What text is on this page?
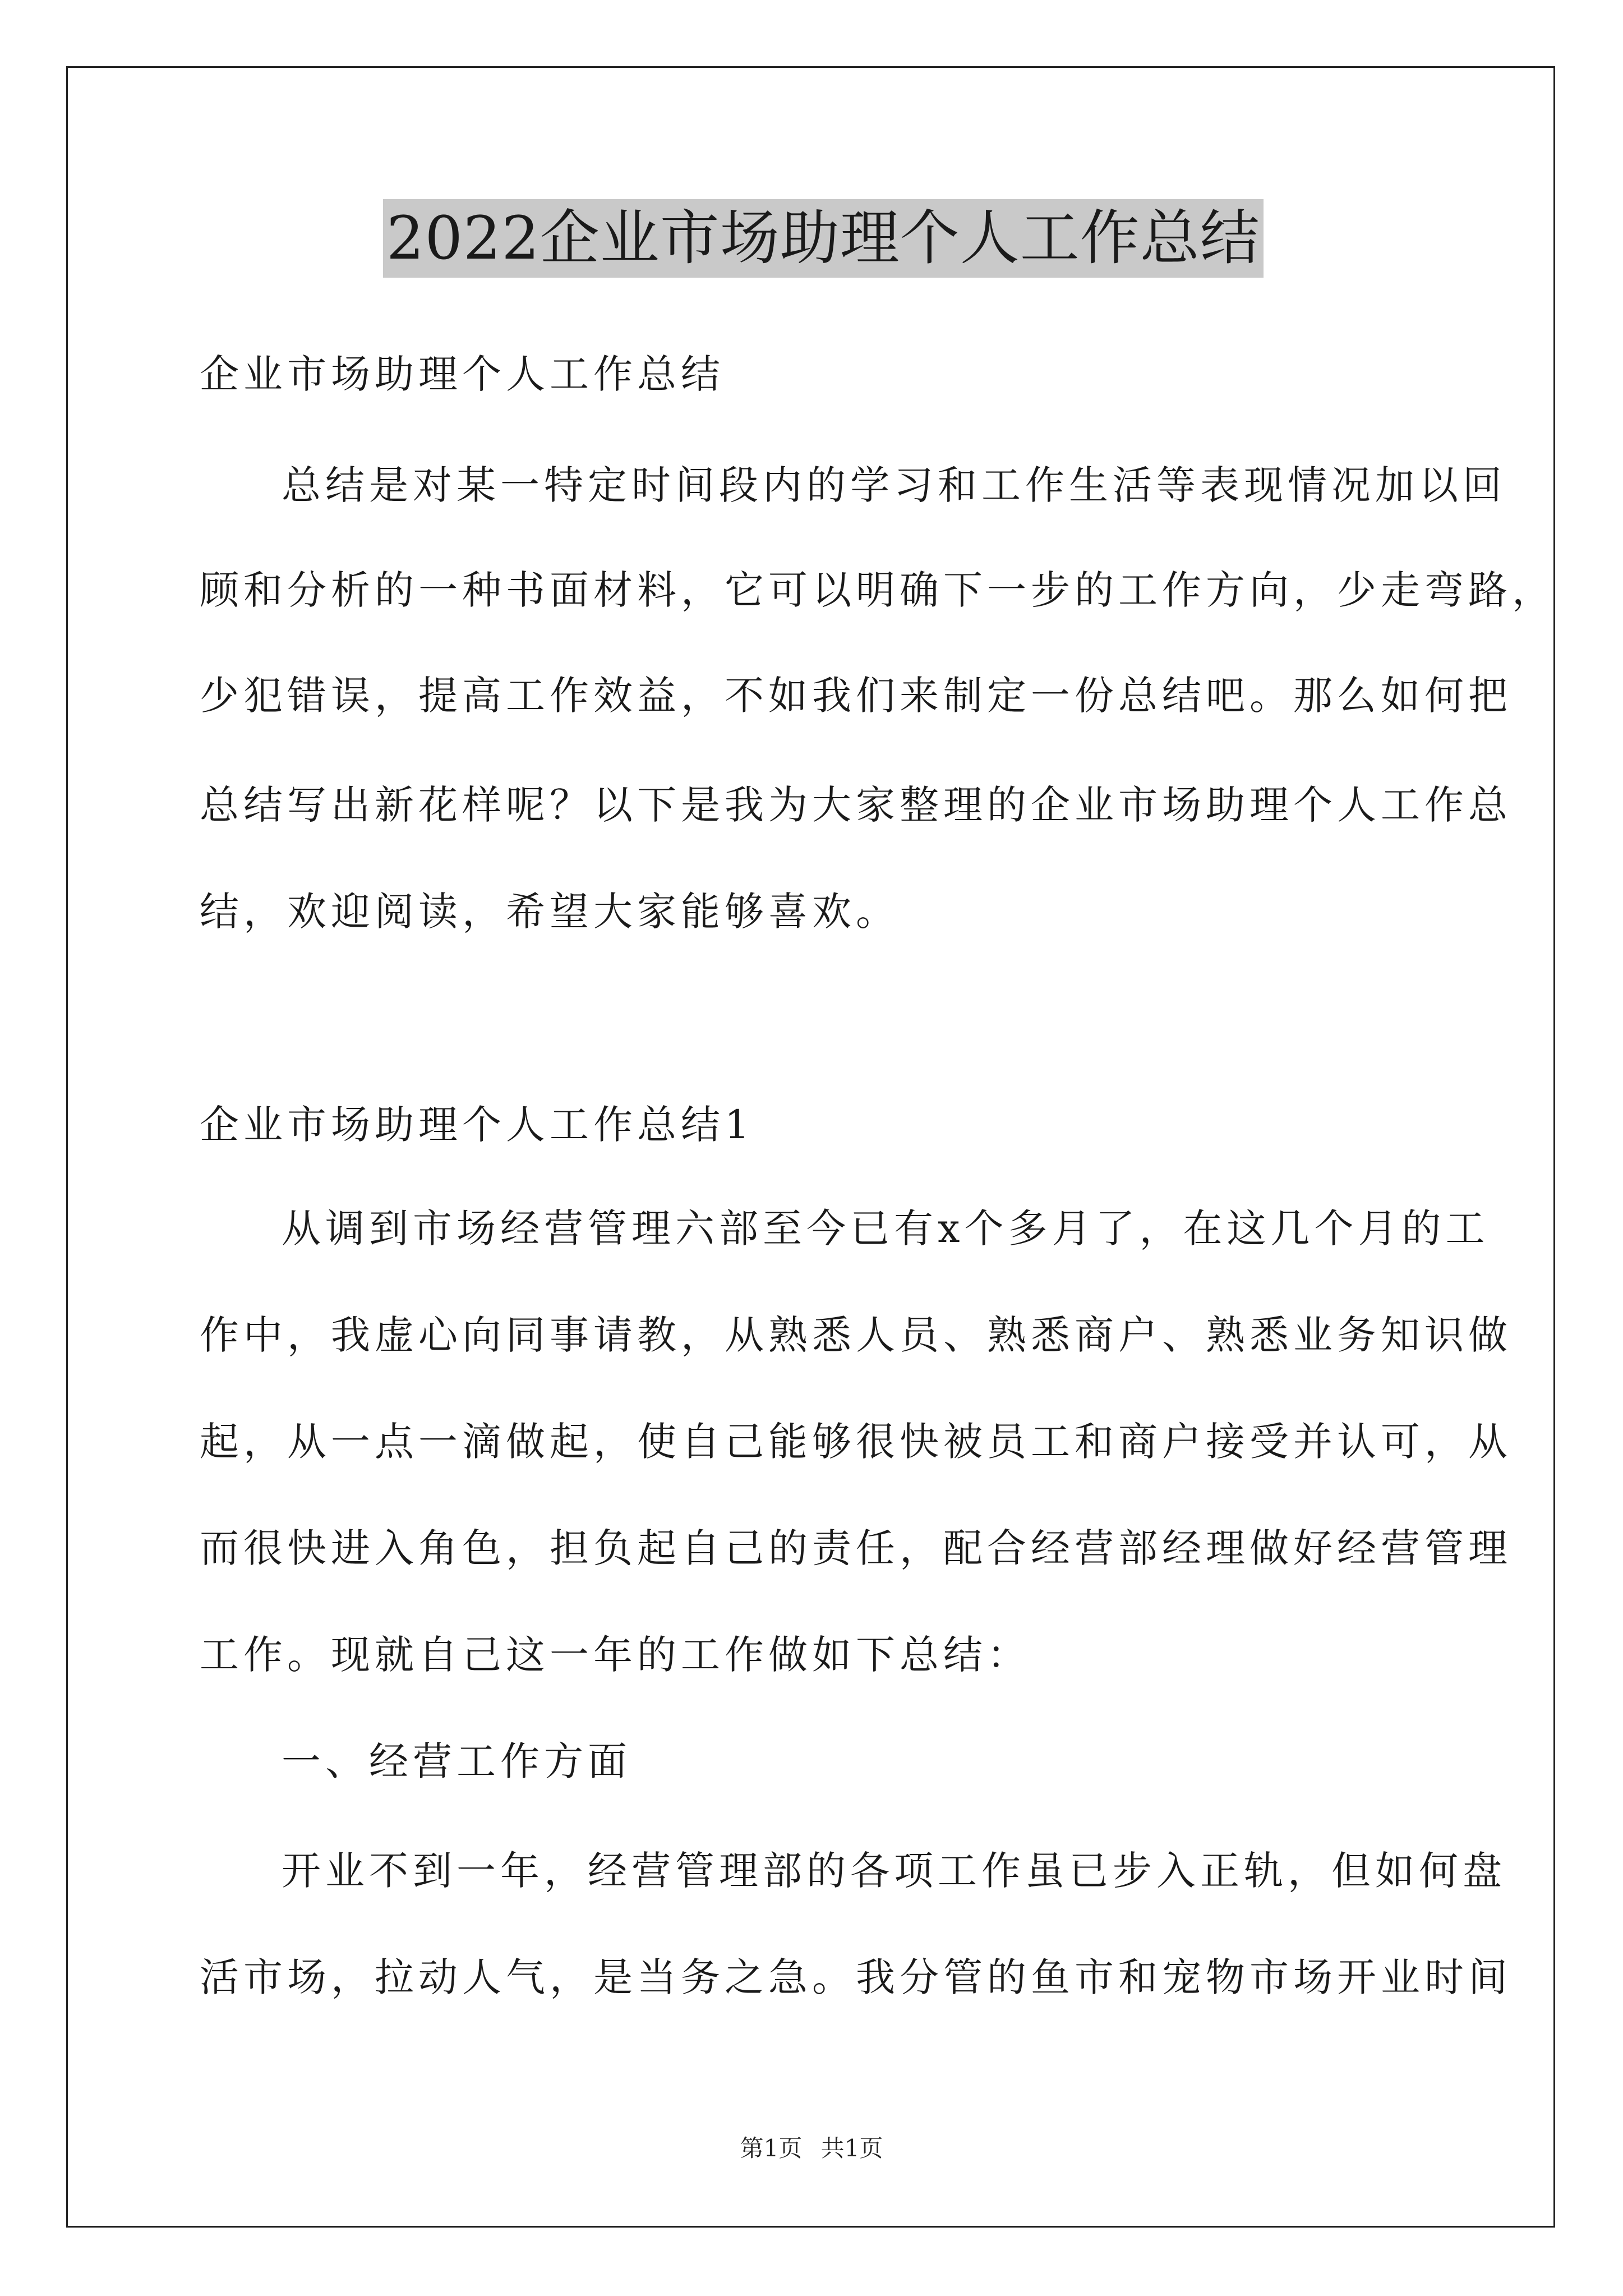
2022企业市场助理个人工作总结
企业市场助理个人工作总结
总结是对某一特定时间段内的学习和工作生活等表现情况加以回
顾和分析的一种书面材料，它可以明确下一步的工作方向，少走弯路，
少犯错误，提高工作效益，不如我们来制定一份总结吧。那么如何把
总结写出新花样呢？以下是我为大家整理的企业市场助理个人工作总
结，欢迎阅读，希望大家能够喜欢。
企业市场助理个人工作总结1
从调到市场经营管理六部至今已有x个多月了，在这几个月的工
作中，我虚心向同事请教，从熟悉人员、熟悉商户、熟悉业务知识做
起，从一点一滴做起，使自己能够很快被员工和商户接受并认可，从
而很快进入角色，担负起自己的责任，配合经营部经理做好经营管理
工作。现就自己这一年的工作做如下总结：
一、经营工作方面
开业不到一年，经营管理部的各项工作虽已步入正轨，但如何盘
活市场，拉动人气，是当务之急。我分管的鱼市和宠物市场开业时间
第1页 共1页
